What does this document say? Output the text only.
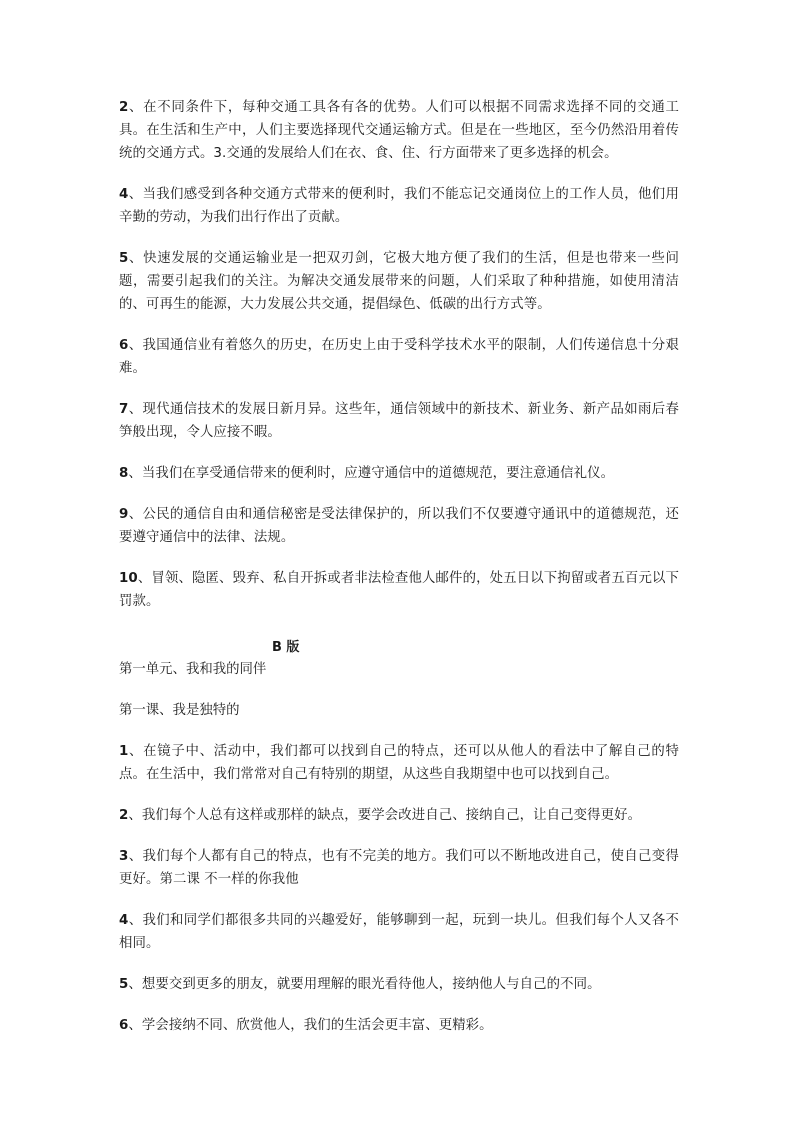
2、在不同条件下，每种交通工具各有各的优势。人们可以根据不同需求选择不同的交通工具。在生活和生产中，人们主要选择现代交通运输方式。但是在一些地区，至今仍然沿用着传统的交通方式。3.交通的发展给人们在衣、食、住、行方面带来了更多选择的机会。

4、当我们感受到各种交通方式带来的便利时，我们不能忘记交通岗位上的工作人员，他们用辛勤的劳动，为我们出行作出了贡献。

5、快速发展的交通运输业是一把双刃剑，它极大地方便了我们的生活，但是也带来一些问题，需要引起我们的关注。为解决交通发展带来的问题，人们采取了种种措施，如使用清洁的、可再生的能源，大力发展公共交通，提倡绿色、低碳的出行方式等。

6、我国通信业有着悠久的历史，在历史上由于受科学技术水平的限制，人们传递信息十分艰难。

7、现代通信技术的发展日新月异。这些年，通信领域中的新技术、新业务、新产品如雨后春笋般出现，令人应接不暇。

8、当我们在享受通信带来的便利时，应遵守通信中的道德规范，要注意通信礼仪。

9、公民的通信自由和通信秘密是受法律保护的，所以我们不仅要遵守通讯中的道德规范，还要遵守通信中的法律、法规。

10、冒领、隐匿、毁弃、私自开拆或者非法检查他人邮件的，处五日以下拘留或者五百元以下罚款。

B 版

第一单元、我和我的同伴

第一课、我是独特的

1、在镜子中、活动中，我们都可以找到自己的特点，还可以从他人的看法中了解自己的特点。在生活中，我们常常对自己有特别的期望，从这些自我期望中也可以找到自己。

2、我们每个人总有这样或那样的缺点，要学会改进自己、接纳自己，让自己变得更好。

3、我们每个人都有自己的特点，也有不完美的地方。我们可以不断地改进自己，使自己变得更好。第二课 不一样的你我他

4、我们和同学们都很多共同的兴趣爱好，能够聊到一起，玩到一块儿。但我们每个人又各不相同。

5、想要交到更多的朋友，就要用理解的眼光看待他人，接纳他人与自己的不同。

6、学会接纳不同、欣赏他人，我们的生活会更丰富、更精彩。
